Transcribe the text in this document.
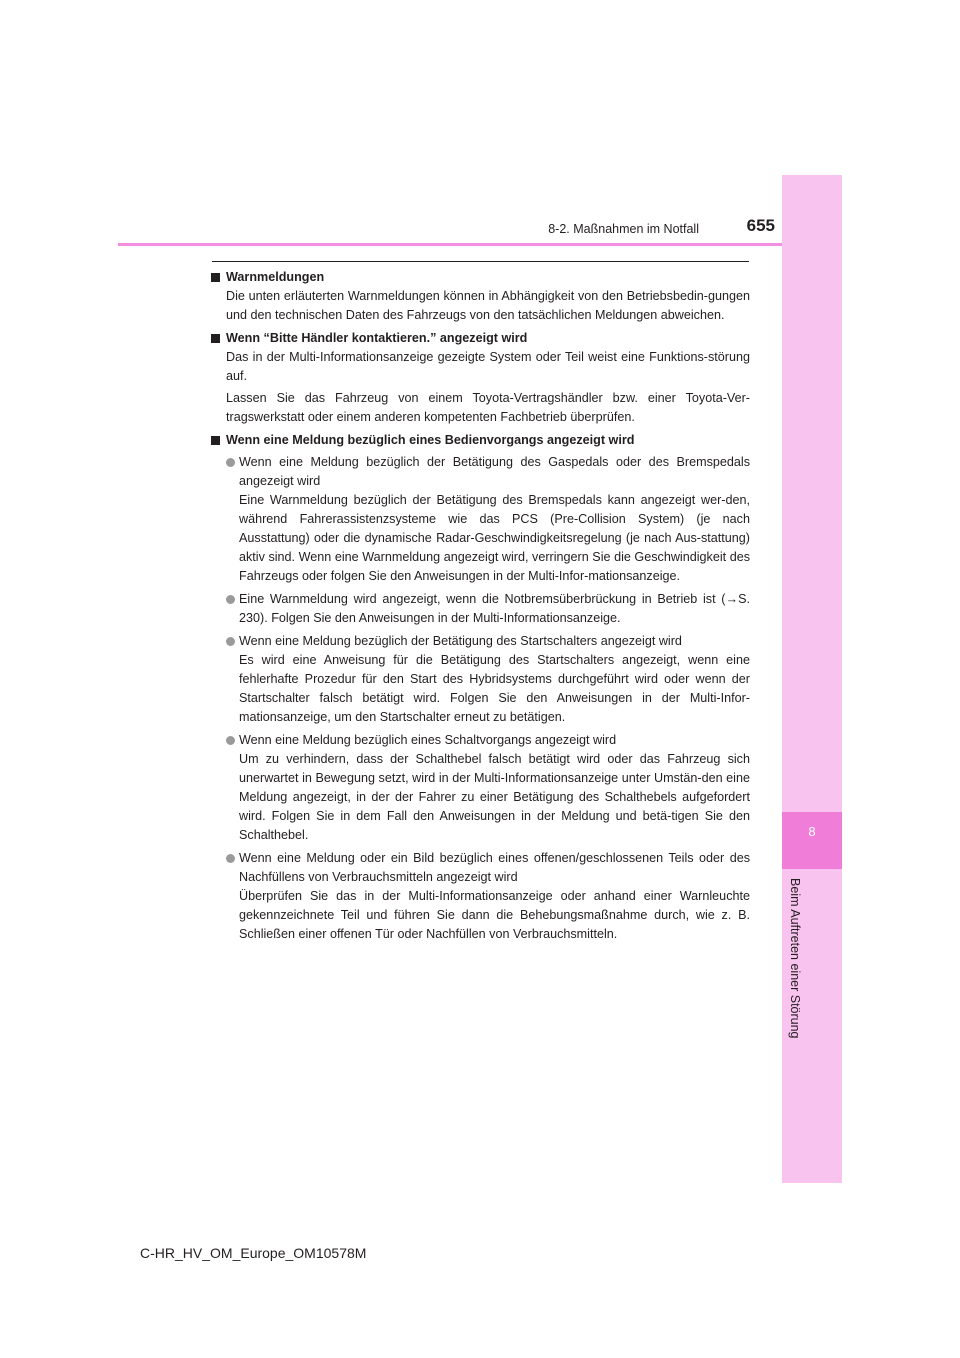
8
Beim Auftreten einer Störung
8-2. Maßnahmen im Notfall	655

Warnmeldungen

Die unten erläuterten Warnmeldungen können in Abhängigkeit von den Betriebsbedin-gungen und den technischen Daten des Fahrzeugs von den tatsächlichen Meldungen abweichen.

Wenn “Bitte Händler kontaktieren.” angezeigt wird

Das in der Multi-Informationsanzeige gezeigte System oder Teil weist eine Funktions-störung auf.

Lassen Sie das Fahrzeug von einem Toyota-Vertragshändler bzw. einer Toyota-Ver-tragswerkstatt oder einem anderen kompetenten Fachbetrieb überprüfen.

Wenn eine Meldung bezüglich eines Bedienvorgangs angezeigt wird

Wenn eine Meldung bezüglich der Betätigung des Gaspedals oder des Bremspedals angezeigt wird

Eine Warnmeldung bezüglich der Betätigung des Bremspedals kann angezeigt wer-den, während Fahrerassistenzsysteme wie das PCS (Pre-Collision System) (je nach Ausstattung) oder die dynamische Radar-Geschwindigkeitsregelung (je nach Aus-stattung) aktiv sind. Wenn eine Warnmeldung angezeigt wird, verringern Sie die Geschwindigkeit des Fahrzeugs oder folgen Sie den Anweisungen in der Multi-Infor-mationsanzeige.

Eine Warnmeldung wird angezeigt, wenn die Notbremsüberbrückung in Betrieb ist (→S. 230). Folgen Sie den Anweisungen in der Multi-Informationsanzeige.

Wenn eine Meldung bezüglich der Betätigung des Startschalters angezeigt wird

Es wird eine Anweisung für die Betätigung des Startschalters angezeigt, wenn eine fehlerhafte Prozedur für den Start des Hybridsystems durchgeführt wird oder wenn der Startschalter falsch betätigt wird. Folgen Sie den Anweisungen in der Multi-Infor-mationsanzeige, um den Startschalter erneut zu betätigen.

Wenn eine Meldung bezüglich eines Schaltvorgangs angezeigt wird

Um zu verhindern, dass der Schalthebel falsch betätigt wird oder das Fahrzeug sich unerwartet in Bewegung setzt, wird in der Multi-Informationsanzeige unter Umstän-den eine Meldung angezeigt, in der der Fahrer zu einer Betätigung des Schalthebels aufgefordert wird. Folgen Sie in dem Fall den Anweisungen in der Meldung und betä-tigen Sie den Schalthebel.

Wenn eine Meldung oder ein Bild bezüglich eines offenen/geschlossenen Teils oder des Nachfüllens von Verbrauchsmitteln angezeigt wird

Überprüfen Sie das in der Multi-Informationsanzeige oder anhand einer Warnleuchte gekennzeichnete Teil und führen Sie dann die Behebungsmaßnahme durch, wie z. B. Schließen einer offenen Tür oder Nachfüllen von Verbrauchsmitteln.

C-HR_HV_OM_Europe_OM10578M
